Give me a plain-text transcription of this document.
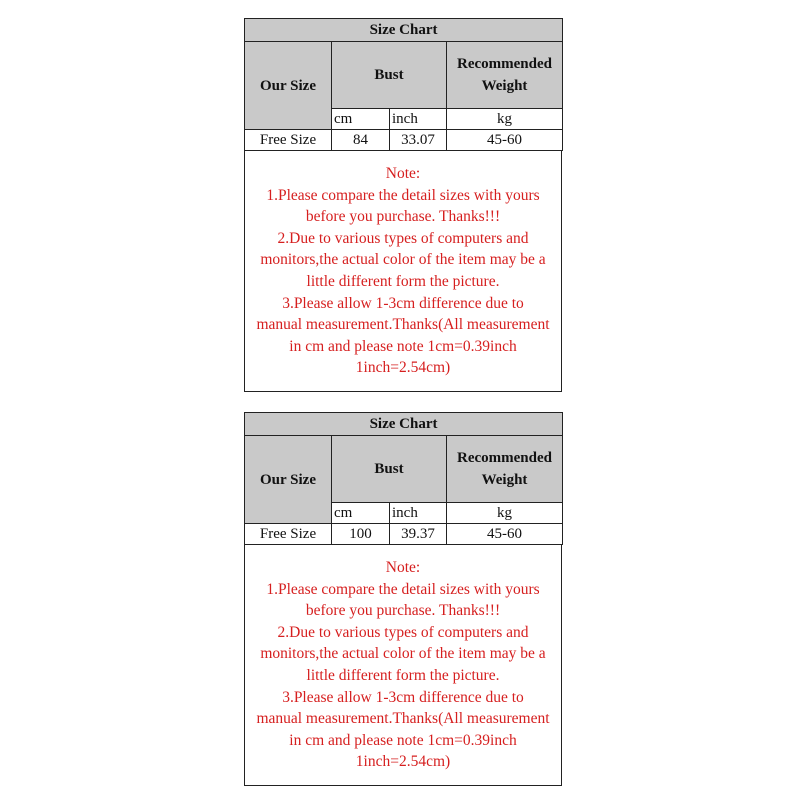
Size Chart			
Our Size	Bust		Recommended
Weight

	cm	inch	kg
Free Size	84	33.07	45-60
Note:
1.Please compare the detail sizes with yours
before you purchase. Thanks!!!
2.Due to various types of computers and
monitors,the actual color of the item may be a
little different form the picture.
3.Please allow 1-3cm difference due to
manual measurement.Thanks(All measurement
in cm and please note 1cm=0.39inch
1inch=2.54cm)
Size Chart			
Our Size	Bust		Recommended
Weight

	cm	inch	kg
Free Size	100	39.37	45-60
Note:
1.Please compare the detail sizes with yours
before you purchase. Thanks!!!
2.Due to various types of computers and
monitors,the actual color of the item may be a
little different form the picture.
3.Please allow 1-3cm difference due to
manual measurement.Thanks(All measurement
in cm and please note 1cm=0.39inch
1inch=2.54cm)
